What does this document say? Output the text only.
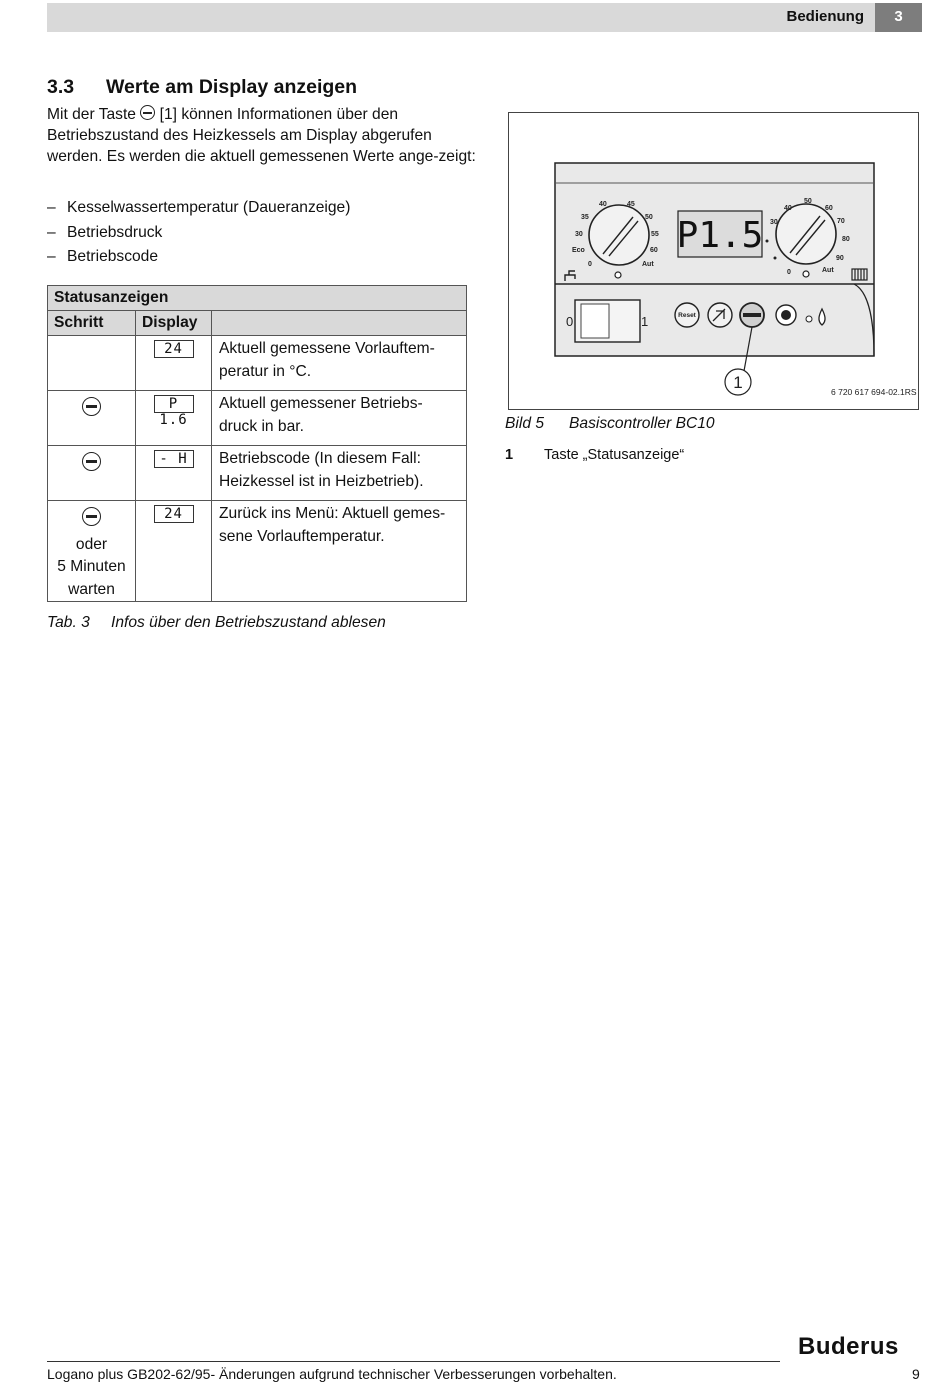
Bedienung	3
3.3 Werte am Display anzeigen

Mit der Taste [1] können Informationen über den Betriebszustand des Heizkessels am Display abgerufen werden. Es werden die aktuell gemessenen Werte ange-zeigt:

– Kesselwassertemperatur (Daueranzeige)
– Betriebsdruck
– Betriebscode
Statusanzeigen		
Schritt	Display	
	24	Aktuell gemessene Vorlauftem-peratur in °C.
	P 1.6	Aktuell gemessener Betriebs-druck in bar.
	- H	Betriebscode (In diesem Fall: Heizkessel ist in Heizbetrieb).

oder
5 Minuten
warten	24	Zurück ins Menü: Aktuell gemes-sene Vorlauftemperatur.
Tab. 3 Infos über den Betriebszustand ablesen
40	45
35	50
30	55
Eco	60
0	Aut
P1.5
50
40	60
30	70
80
90
0	Aut
0	1	Reset
1	6 720 617 694-02.1RS
Bild 5 Basiscontroller BC10
1 Taste „Statusanzeige“
Buderus
Logano plus GB202-62/95- Änderungen aufgrund technischer Verbesserungen vorbehalten.	9
